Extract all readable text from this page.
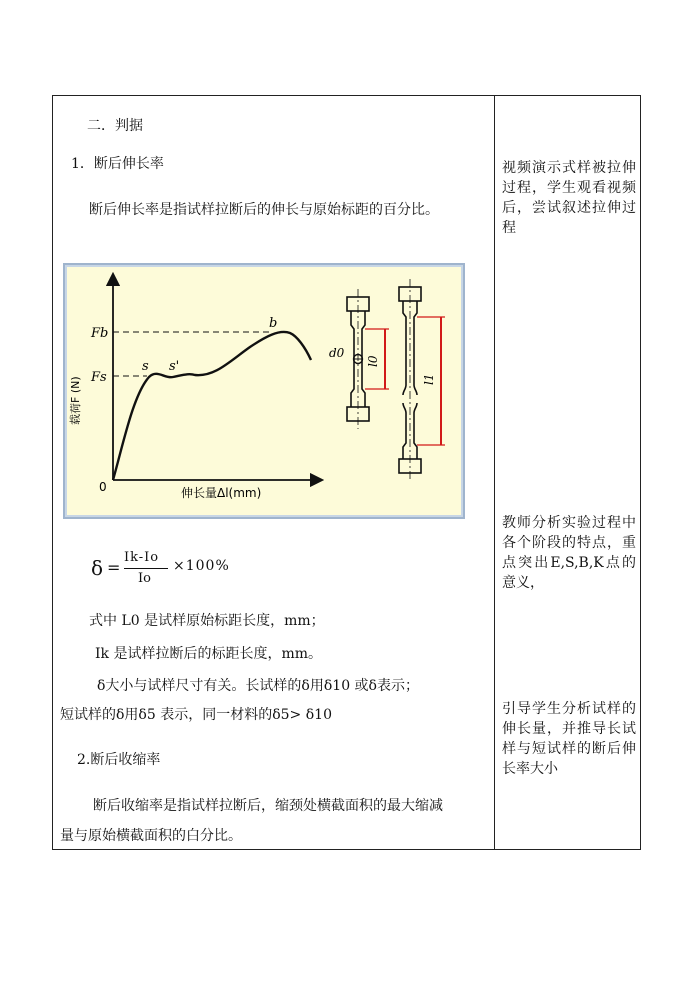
二．判据
1．断后伸长率
断后伸长率是指试样拉断后的伸长与原始标距的百分比。
Fb
Fs
s s'
b
0	伸长量Δl(mm)
载荷F (N)
d0
l0
l1
δ =
Ik-Io
Io
×100%
式中 L0 是试样原始标距长度，mm；
Ik 是试样拉断后的标距长度，mm。
δ大小与试样尺寸有关。长试样的δ用δ10 或δ表示；
短试样的δ用δ5 表示，同一材料的δ5> δ10
2.断后收缩率
断后收缩率是指试样拉断后，缩颈处横截面积的最大缩减
量与原始横截面积的白分比。
视频演示式样被拉伸过程，学生观看视频后，尝试叙述拉伸过程
教师分析实验过程中各个阶段的特点，重点突出E,S,B,K点的意义，
引导学生分析试样的伸长量，并推导长试样与短试样的断后伸长率大小
